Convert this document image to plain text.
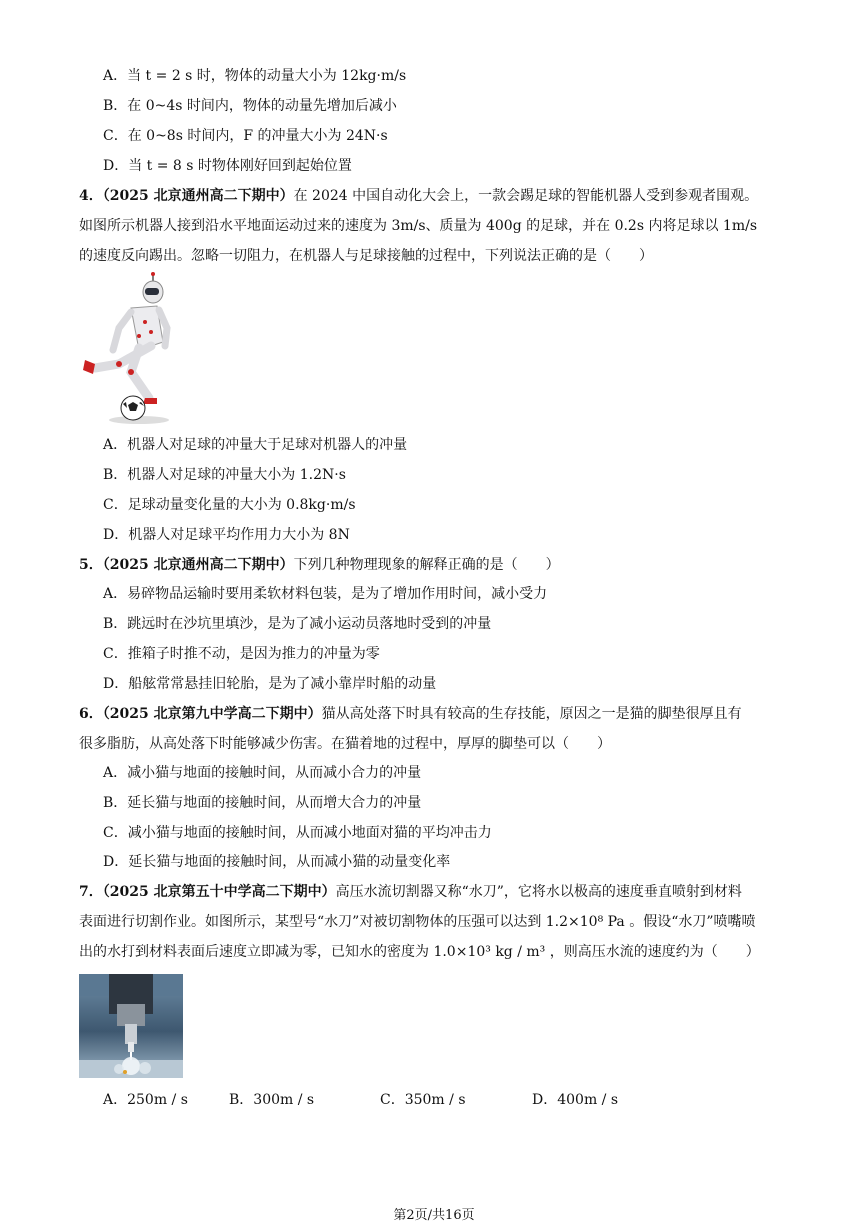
A．当 t = 2 s 时，物体的动量大小为 12kg·m/s
B．在 0~4s 时间内，物体的动量先增加后减小
C．在 0~8s 时间内，F 的冲量大小为 24N·s
D．当 t = 8 s 时物体刚好回到起始位置
4．（2025 北京通州高二下期中）在 2024 中国自动化大会上，一款会踢足球的智能机器人受到参观者围观。
如图所示机器人接到沿水平地面运动过来的速度为 3m/s、质量为 400g 的足球，并在 0.2s 内将足球以 1m/s
的速度反向踢出。忽略一切阻力，在机器人与足球接触的过程中，下列说法正确的是（　　）
A．机器人对足球的冲量大于足球对机器人的冲量
B．机器人对足球的冲量大小为 1.2N·s
C．足球动量变化量的大小为 0.8kg·m/s
D．机器人对足球平均作用力大小为 8N
5．（2025 北京通州高二下期中）下列几种物理现象的解释正确的是（　　）
A．易碎物品运输时要用柔软材料包装，是为了增加作用时间，减小受力
B．跳远时在沙坑里填沙，是为了减小运动员落地时受到的冲量
C．推箱子时推不动，是因为推力的冲量为零
D．船舷常常悬挂旧轮胎，是为了减小靠岸时船的动量
6．（2025 北京第九中学高二下期中）猫从高处落下时具有较高的生存技能，原因之一是猫的脚垫很厚且有
很多脂肪，从高处落下时能够减少伤害。在猫着地的过程中，厚厚的脚垫可以（　　）
A．减小猫与地面的接触时间，从而减小合力的冲量
B．延长猫与地面的接触时间，从而增大合力的冲量
C．减小猫与地面的接触时间，从而减小地面对猫的平均冲击力
D．延长猫与地面的接触时间，从而减小猫的动量变化率
7．（2025 北京第五十中学高二下期中）高压水流切割器又称“水刀”，它将水以极高的速度垂直喷射到材料
表面进行切割作业。如图所示，某型号“水刀”对被切割物体的压强可以达到 1.2×10⁸ Pa 。假设“水刀”喷嘴喷
出的水打到材料表面后速度立即减为零，已知水的密度为 1.0×10³ kg / m³ ，则高压水流的速度约为（　　）
A．250m / s	B．300m / s	C．350m / s	D．400m / s
第2页/共16页
